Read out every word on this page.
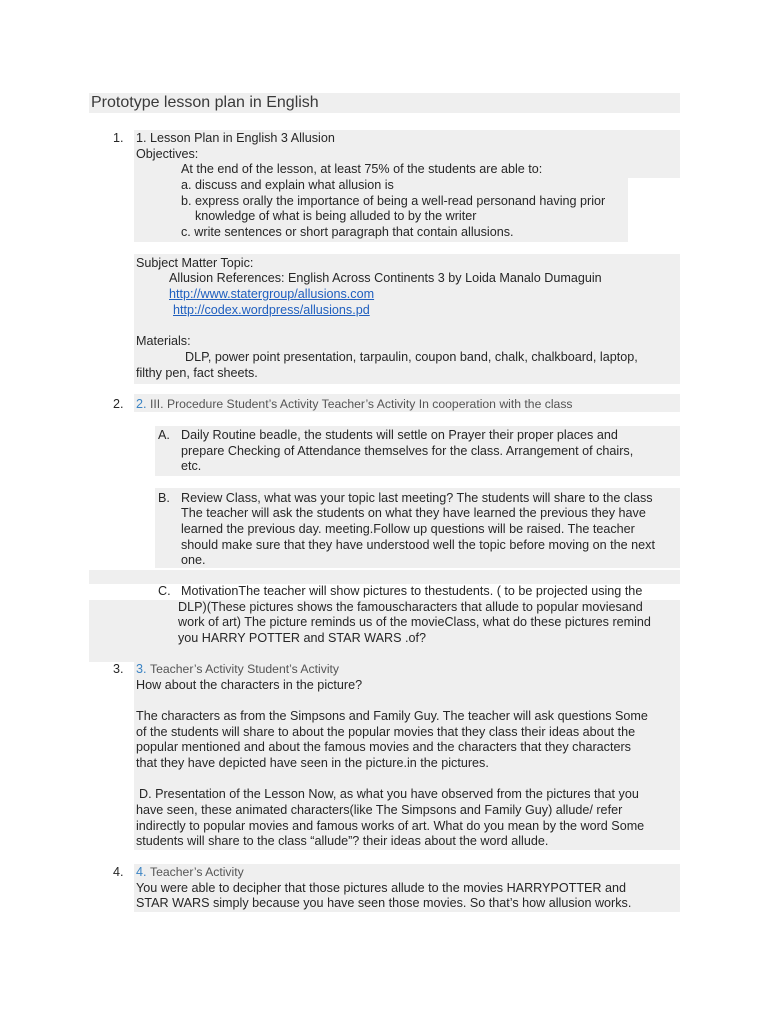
Prototype lesson plan in English
1. 1. Lesson Plan in English 3 Allusion
Objectives:
At the end of the lesson, at least 75% of the students are able to:
a. discuss and explain what allusion is
b. express orally the importance of being a well-read personand having prior
knowledge of what is being alluded to by the writer
c. write sentences or short paragraph that contain allusions.
Subject Matter Topic:
Allusion References: English Across Continents 3 by Loida Manalo Dumaguin
http://www.statergroup/allusions.com
http://codex.wordpress/allusions.pd
Materials:
DLP, power point presentation, tarpaulin, coupon band, chalk, chalkboard, laptop,
filthy pen, fact sheets.
2. 2. III. Procedure Student’s Activity Teacher’s Activity In cooperation with the class
A. Daily Routine beadle, the students will settle on Prayer their proper places and
prepare Checking of Attendance themselves for the class. Arrangement of chairs,
etc.
B. Review Class, what was your topic last meeting? The students will share to the class
The teacher will ask the students on what they have learned the previous they have
learned the previous day. meeting.Follow up questions will be raised. The teacher
should make sure that they have understood well the topic before moving on the next
one.
C. MotivationThe teacher will show pictures to thestudents. ( to be projected using the
DLP)(These pictures shows the famouscharacters that allude to popular moviesand
work of art) The picture reminds us of the movieClass, what do these pictures remind
you HARRY POTTER and STAR WARS .of?
3. 3. Teacher’s Activity Student’s Activity
How about the characters in the picture?
The characters as from the Simpsons and Family Guy. The teacher will ask questions Some
of the students will share to about the popular movies that they class their ideas about the
popular mentioned and about the famous movies and the characters that they characters
that they have depicted have seen in the picture.in the pictures.
D. Presentation of the Lesson Now, as what you have observed from the pictures that you
have seen, these animated characters(like The Simpsons and Family Guy) allude/ refer
indirectly to popular movies and famous works of art. What do you mean by the word Some
students will share to the class “allude”? their ideas about the word allude.
4. 4. Teacher’s Activity
You were able to decipher that those pictures allude to the movies HARRYPOTTER and
STAR WARS simply because you have seen those movies. So that’s how allusion works.
